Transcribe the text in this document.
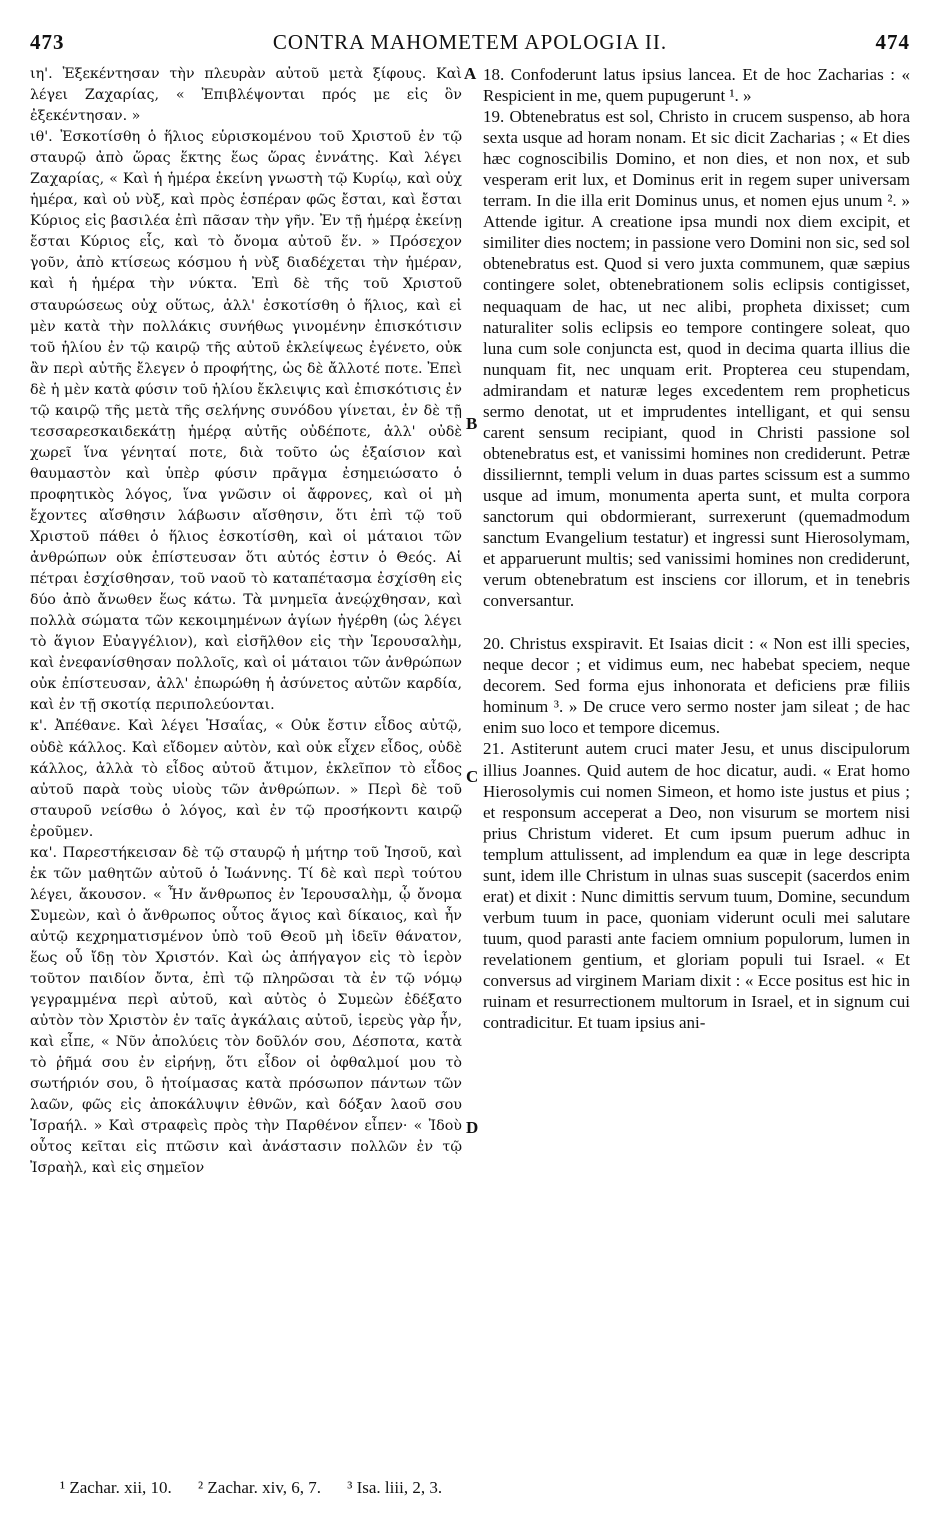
473	CONTRA MAHOMETEM APOLOGIA II.	474
A
B
C
D

ιη'. Ἐξεκέντησαν τὴν πλευρὰν αὐτοῦ μετὰ ξίφους. Καὶ λέγει Ζαχαρίας, « Ἐπιβλέψονται πρός με εἰς ὃν ἐξεκέντησαν. »

ιθ'. Ἐσκοτίσθη ὁ ἥλιος εὑρισκομένου τοῦ Χριστοῦ ἐν τῷ σταυρῷ ἀπὸ ὥρας ἕκτης ἕως ὥρας ἐννάτης. Καὶ λέγει Ζαχαρίας, « Καὶ ἡ ἡμέρα ἐκείνη γνωστὴ τῷ Κυρίῳ, καὶ οὐχ ἡμέρα, καὶ οὐ νὺξ, καὶ πρὸς ἑσπέραν φῶς ἔσται, καὶ ἔσται Κύριος εἰς βασιλέα ἐπὶ πᾶσαν τὴν γῆν. Ἐν τῇ ἡμέρᾳ ἐκείνῃ ἔσται Κύριος εἷς, καὶ τὸ ὄνομα αὐτοῦ ἕν. » Πρόσεχον γοῦν, ἀπὸ κτίσεως κόσμου ἡ νὺξ διαδέχεται τὴν ἡμέραν, καὶ ἡ ἡμέρα τὴν νύκτα. Ἐπὶ δὲ τῆς τοῦ Χριστοῦ σταυρώσεως οὐχ οὕτως, ἀλλ' ἐσκοτίσθη ὁ ἥλιος, καὶ εἰ μὲν κατὰ τὴν πολλάκις συνήθως γινομένην ἐπισκότισιν τοῦ ἡλίου ἐν τῷ καιρῷ τῆς αὐτοῦ ἐκλείψεως ἐγένετο, οὐκ ἂν περὶ αὐτῆς ἔλεγεν ὁ προφήτης, ὡς δὲ ἄλλοτέ ποτε. Ἐπεὶ δὲ ἡ μὲν κατὰ φύσιν τοῦ ἡλίου ἔκλειψις καὶ ἐπισκότισις ἐν τῷ καιρῷ τῆς μετὰ τῆς σελήνης συνόδου γίνεται, ἐν δὲ τῇ τεσσαρεσκαιδεκάτῃ ἡμέρᾳ αὐτῆς οὐδέποτε, ἀλλ' οὐδὲ χωρεῖ ἵνα γένηταί ποτε, διὰ τοῦτο ὡς ἐξαίσιον καὶ θαυμαστὸν καὶ ὑπὲρ φύσιν πρᾶγμα ἐσημειώσατο ὁ προφητικὸς λόγος, ἵνα γνῶσιν οἱ ἄφρονες, καὶ οἱ μὴ ἔχοντες αἴσθησιν λάβωσιν αἴσθησιν, ὅτι ἐπὶ τῷ τοῦ Χριστοῦ πάθει ὁ ἥλιος ἐσκοτίσθη, καὶ οἱ μάταιοι τῶν ἀνθρώπων οὐκ ἐπίστευσαν ὅτι αὐτός ἐστιν ὁ Θεός. Αἱ πέτραι ἐσχίσθησαν, τοῦ ναοῦ τὸ καταπέτασμα ἐσχίσθη εἰς δύο ἀπὸ ἄνωθεν ἕως κάτω. Τὰ μνημεῖα ἀνεῴχθησαν, καὶ πολλὰ σώματα τῶν κεκοιμημένων ἁγίων ἠγέρθη (ὡς λέγει τὸ ἅγιον Εὐαγγέλιον), καὶ εἰσῆλθον εἰς τὴν Ἱερουσαλὴμ, καὶ ἐνεφανίσθησαν πολλοῖς, καὶ οἱ μάταιοι τῶν ἀνθρώπων οὐκ ἐπίστευσαν, ἀλλ' ἐπωρώθη ἡ ἀσύνετος αὐτῶν καρδία, καὶ ἐν τῇ σκοτίᾳ περιπολεύονται.

κ'. Ἀπέθανε. Καὶ λέγει Ἡσαΐας, « Οὐκ ἔστιν εἶδος αὐτῷ, οὐδὲ κάλλος. Καὶ εἴδομεν αὐτὸν, καὶ οὐκ εἶχεν εἶδος, οὐδὲ κάλλος, ἀλλὰ τὸ εἶδος αὐτοῦ ἄτιμον, ἐκλεῖπον τὸ εἶδος αὐτοῦ παρὰ τοὺς υἱοὺς τῶν ἀνθρώπων. » Περὶ δὲ τοῦ σταυροῦ νείσθω ὁ λόγος, καὶ ἐν τῷ προσήκοντι καιρῷ ἐροῦμεν.

κα'. Παρεστήκεισαν δὲ τῷ σταυρῷ ἡ μήτηρ τοῦ Ἰησοῦ, καὶ ἐκ τῶν μαθητῶν αὐτοῦ ὁ Ἰωάννης. Τί δὲ καὶ περὶ τούτου λέγει, ἄκουσον. « Ἦν ἄνθρωπος ἐν Ἱερουσαλὴμ, ᾧ ὄνομα Συμεὼν, καὶ ὁ ἄνθρωπος οὗτος ἅγιος καὶ δίκαιος, καὶ ἦν αὐτῷ κεχρηματισμένον ὑπὸ τοῦ Θεοῦ μὴ ἰδεῖν θάνατον, ἕως οὗ ἴδῃ τὸν Χριστόν. Καὶ ὡς ἀπήγαγον εἰς τὸ ἱερὸν τοῦτον παιδίον ὄντα, ἐπὶ τῷ πληρῶσαι τὰ ἐν τῷ νόμῳ γεγραμμένα περὶ αὐτοῦ, καὶ αὐτὸς ὁ Συμεὼν ἐδέξατο αὐτὸν τὸν Χριστὸν ἐν ταῖς ἀγκάλαις αὐτοῦ, ἱερεὺς γὰρ ἦν, καὶ εἶπε, « Νῦν ἀπολύεις τὸν δοῦλόν σου, Δέσποτα, κατὰ τὸ ῥῆμά σου ἐν εἰρήνῃ, ὅτι εἶδον οἱ ὀφθαλμοί μου τὸ σωτήριόν σου, ὃ ἡτοίμασας κατὰ πρόσωπον πάντων τῶν λαῶν, φῶς εἰς ἀποκάλυψιν ἐθνῶν, καὶ δόξαν λαοῦ σου Ἰσραήλ. » Καὶ στραφεὶς πρὸς τὴν Παρθένον εἶπεν· « Ἰδοὺ οὗτος κεῖται εἰς πτῶσιν καὶ ἀνάστασιν πολλῶν ἐν τῷ Ἰσραὴλ, καὶ εἰς σημεῖον

18. Confoderunt latus ipsius lancea. Et de hoc Zacharias : « Respicient in me, quem pupugerunt ¹. »

19. Obtenebratus est sol, Christo in crucem suspenso, ab hora sexta usque ad horam nonam. Et sic dicit Zacharias ; « Et dies hæc cognoscibilis Domino, et non dies, et non nox, et sub vesperam erit lux, et Dominus erit in regem super universam terram. In die illa erit Dominus unus, et nomen ejus unum ². » Attende igitur. A creatione ipsa mundi nox diem excipit, et similiter dies noctem; in passione vero Domini non sic, sed sol obtenebratus est. Quod si vero juxta communem, quæ sæpius contingere solet, obtenebrationem solis eclipsis contigisset, nequaquam de hac, ut nec alibi, propheta dixisset; cum naturaliter solis eclipsis eo tempore contingere soleat, quo luna cum sole conjuncta est, quod in decima quarta illius die nunquam fit, nec unquam erit. Propterea ceu stupendam, admirandam et naturæ leges excedentem rem propheticus sermo denotat, ut et imprudentes intelligant, et qui sensu carent sensum recipiant, quod in Christi passione sol obtenebratus est, et vanissimi homines non crediderunt. Petræ dissiliernnt, templi velum in duas partes scissum est a summo usque ad imum, monumenta aperta sunt, et multa corpora sanctorum qui obdormierant, surrexerunt (quemadmodum sanctum Evangelium testatur) et ingressi sunt Hierosolymam, et apparuerunt multis; sed vanissimi homines non crediderunt, verum obtenebratum est insciens cor illorum, et in tenebris conversantur.

20. Christus exspiravit. Et Isaias dicit : « Non est illi species, neque decor ; et vidimus eum, nec habebat speciem, neque decorem. Sed forma ejus inhonorata et deficiens præ filiis hominum ³. » De cruce vero sermo noster jam sileat ; de hac enim suo loco et tempore dicemus.

21. Astiterunt autem cruci mater Jesu, et unus discipulorum illius Joannes. Quid autem de hoc dicatur, audi. « Erat homo Hierosolymis cui nomen Simeon, et homo iste justus et pius ; et responsum acceperat a Deo, non visurum se mortem nisi prius Christum videret. Et cum ipsum puerum adhuc in templum attulissent, ad implendum ea quæ in lege descripta sunt, idem ille Christum in ulnas suas suscepit (sacerdos enim erat) et dixit : Nunc dimittis servum tuum, Domine, secundum verbum tuum in pace, quoniam viderunt oculi mei salutare tuum, quod parasti ante faciem omnium populorum, lumen in revelationem gentium, et gloriam populi tui Israel. « Et conversus ad virginem Mariam dixit : « Ecce positus est hic in ruinam et resurrectionem multorum in Israel, et in signum cui contradicitur. Et tuam ipsius ani-

¹ Zachar. xii, 10. ² Zachar. xiv, 6, 7. ³ Isa. liii, 2, 3.
